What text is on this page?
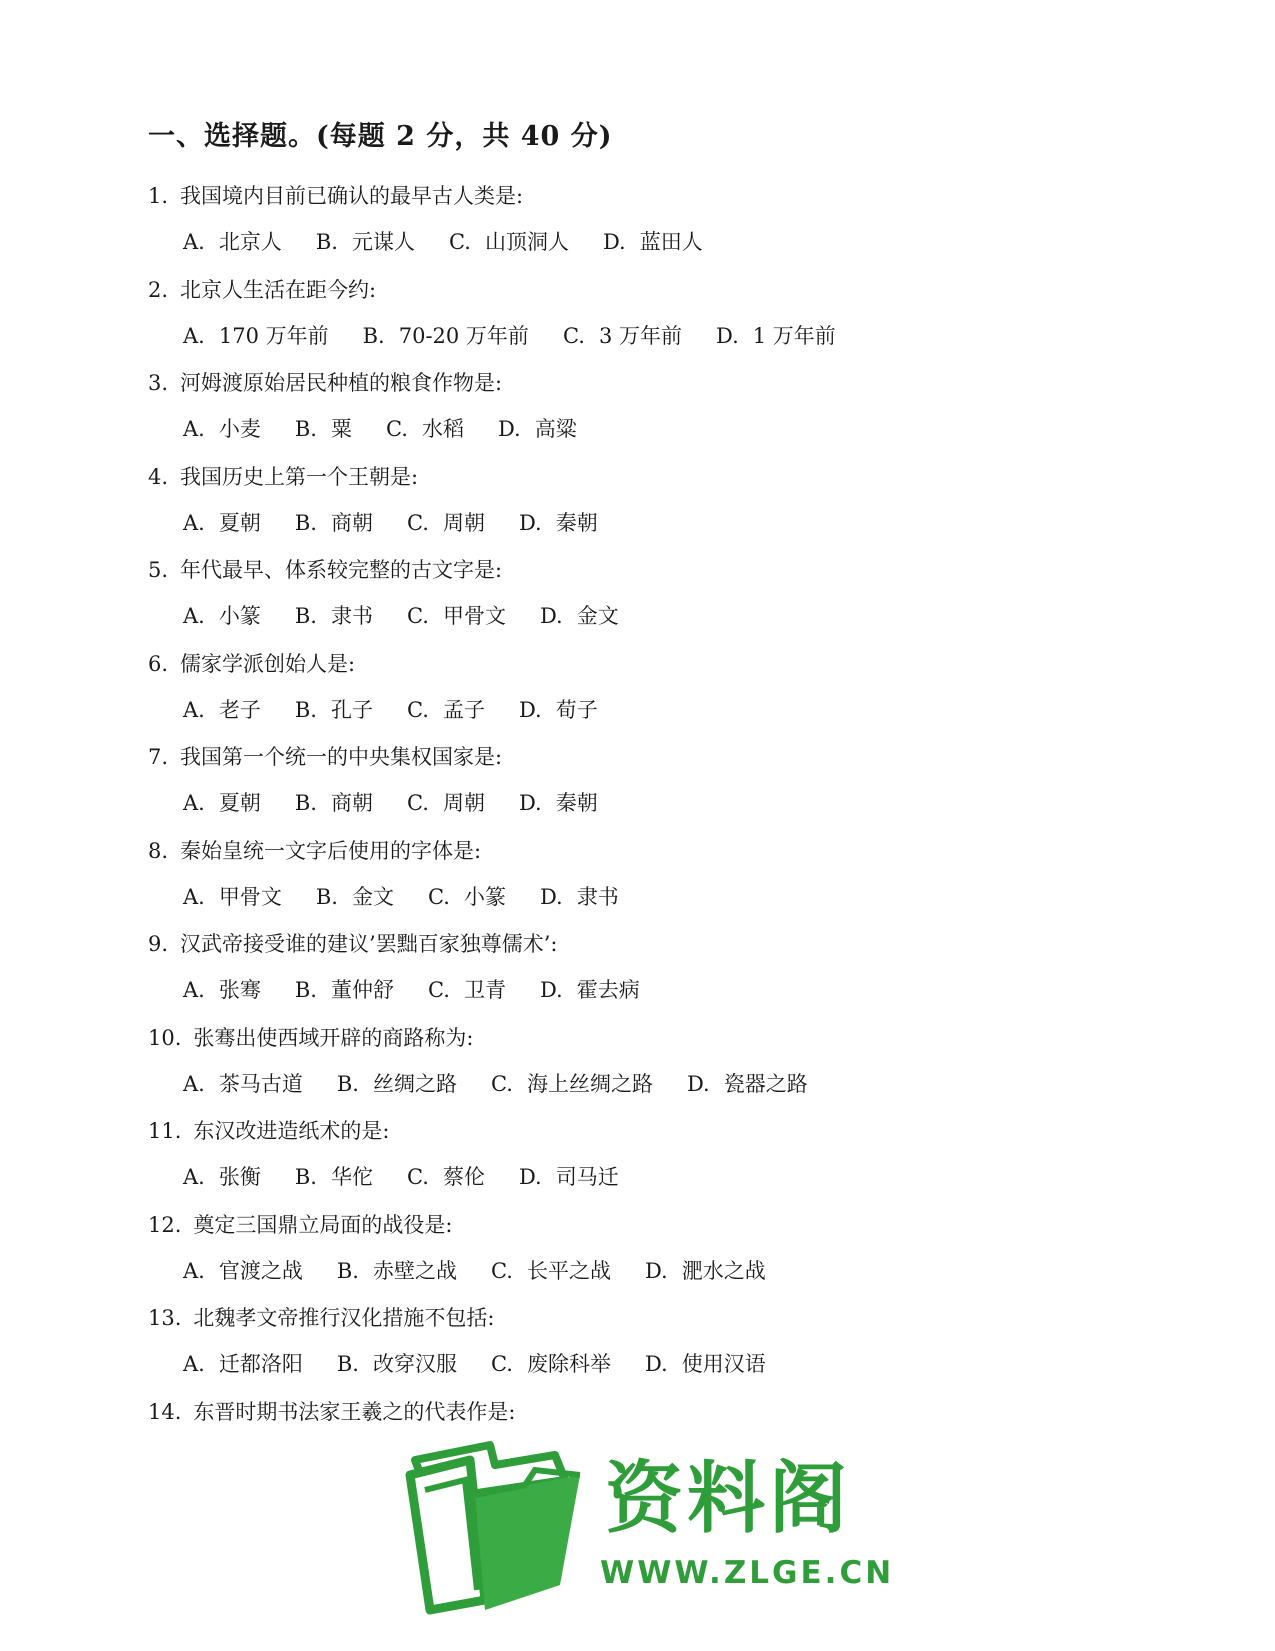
一、选择题。(每题 2 分，共 40 分)
1. 我国境内目前已确认的最早古人类是:
A. 北京人 B. 元谋人 C. 山顶洞人 D. 蓝田人
2. 北京人生活在距今约:
A. 170 万年前 B. 70-20 万年前 C. 3 万年前 D. 1 万年前
3. 河姆渡原始居民种植的粮食作物是:
A. 小麦 B. 粟 C. 水稻 D. 高粱
4. 我国历史上第一个王朝是:
A. 夏朝 B. 商朝 C. 周朝 D. 秦朝
5. 年代最早、体系较完整的古文字是:
A. 小篆 B. 隶书 C. 甲骨文 D. 金文
6. 儒家学派创始人是:
A. 老子 B. 孔子 C. 孟子 D. 荀子
7. 我国第一个统一的中央集权国家是:
A. 夏朝 B. 商朝 C. 周朝 D. 秦朝
8. 秦始皇统一文字后使用的字体是:
A. 甲骨文 B. 金文 C. 小篆 D. 隶书
9. 汉武帝接受谁的建议’罢黜百家独尊儒术’:
A. 张骞 B. 董仲舒 C. 卫青 D. 霍去病
10. 张骞出使西域开辟的商路称为:
A. 茶马古道 B. 丝绸之路 C. 海上丝绸之路 D. 瓷器之路
11. 东汉改进造纸术的是:
A. 张衡 B. 华佗 C. 蔡伦 D. 司马迁
12. 奠定三国鼎立局面的战役是:
A. 官渡之战 B. 赤壁之战 C. 长平之战 D. 淝水之战
13. 北魏孝文帝推行汉化措施不包括:
A. 迁都洛阳 B. 改穿汉服 C. 废除科举 D. 使用汉语
14. 东晋时期书法家王羲之的代表作是:
资料阁
WWW.ZLGE.CN
